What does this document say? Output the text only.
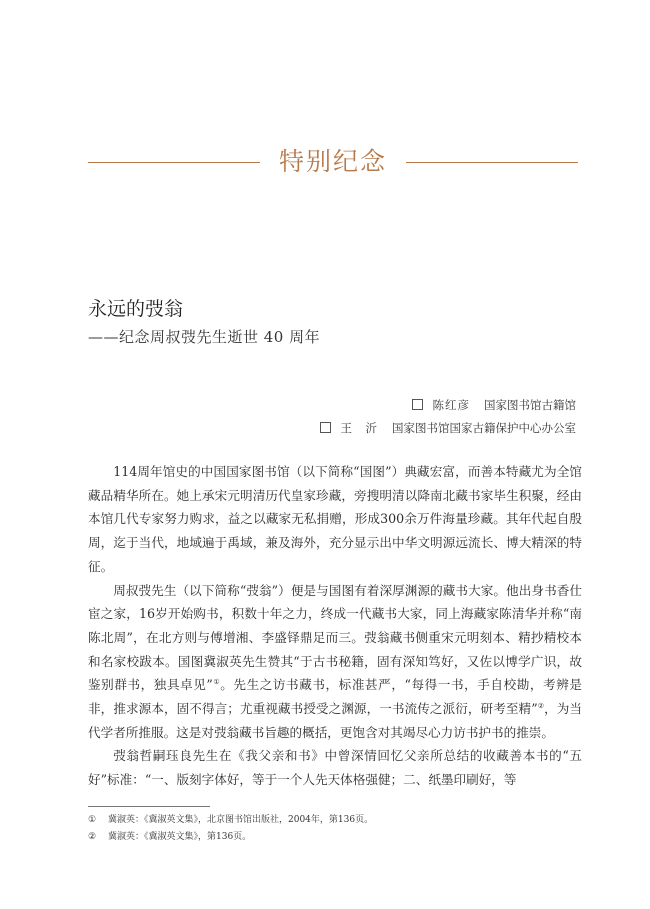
特别纪念
永远的弢翁
——纪念周叔弢先生逝世 40 周年
陈红彦 国家图书馆古籍馆
王　沂 国家图书馆国家古籍保护中心办公室

114周年馆史的中国国家图书馆（以下简称“国图”）典藏宏富，而善本特藏尤为全馆藏品精华所在。她上承宋元明清历代皇家珍藏，旁搜明清以降南北藏书家毕生积聚，经由本馆几代专家努力购求，益之以藏家无私捐赠，形成300余万件海量珍藏。其年代起自殷周，迄于当代，地域遍于禹域，兼及海外，充分显示出中华文明源远流长、博大精深的特征。

周叔弢先生（以下简称“弢翁”）便是与国图有着深厚渊源的藏书大家。他出身书香仕宦之家，16岁开始购书，积数十年之力，终成一代藏书大家，同上海藏家陈清华并称“南陈北周”，在北方则与傅增湘、李盛铎鼎足而三。弢翁藏书侧重宋元明刻本、精抄精校本和名家校跋本。国图冀淑英先生赞其“于古书秘籍，固有深知笃好，又佐以博学广识，故鉴别群书，独具卓见”①。先生之访书藏书，标准甚严，“每得一书，手自校勘，考辨是非，推求源本，固不得言；尤重视藏书授受之渊源，一书流传之派衍，研考至精”②，为当代学者所推服。这是对弢翁藏书旨趣的概括，更饱含对其竭尽心力访书护书的推崇。

弢翁哲嗣珏良先生在《我父亲和书》中曾深情回忆父亲所总结的收藏善本书的“五好”标准：“一、版刻字体好，等于一个人先天体格强健；二、纸墨印刷好，等

① 冀淑英：《冀淑英文集》，北京图书馆出版社，2004年，第136页。
② 冀淑英：《冀淑英文集》，第136页。
